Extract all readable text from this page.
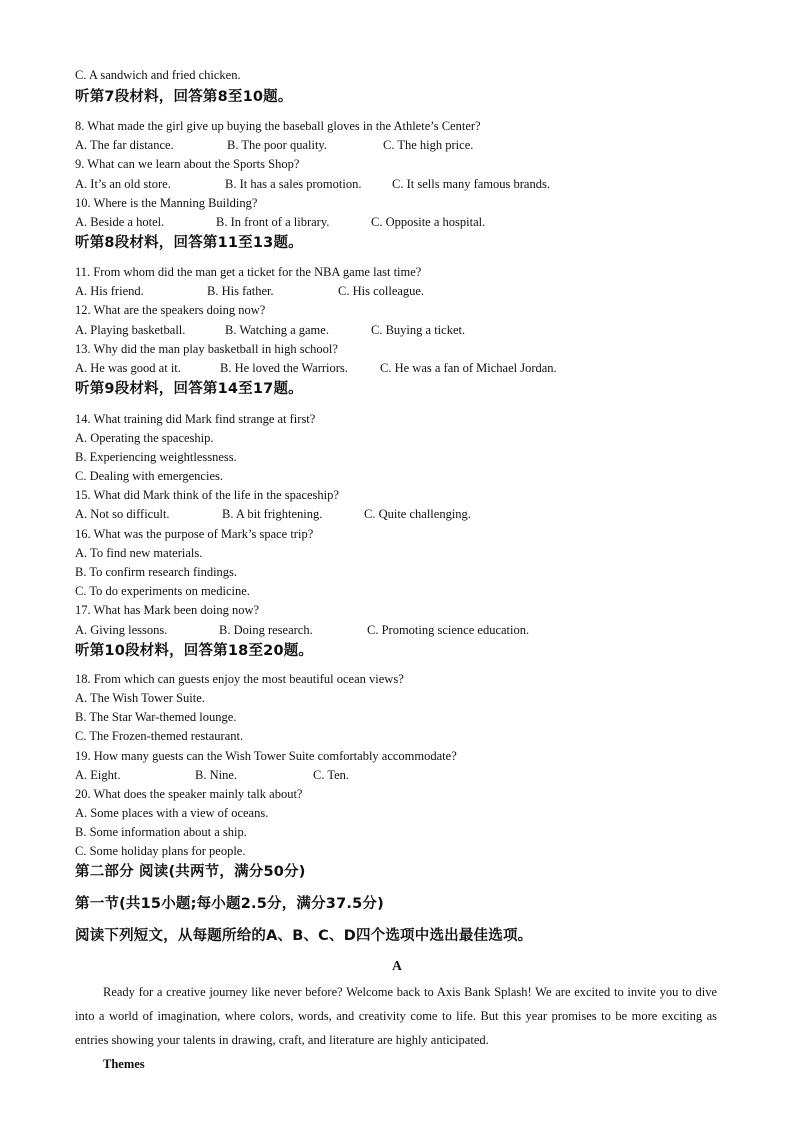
C. A sandwich and fried chicken.
听第7段材料，回答第8至10题。
8. What made the girl give up buying the baseball gloves in the Athlete’s Center?
A. The far distance.	B. The poor quality.	C. The high price.
9. What can we learn about the Sports Shop?
A. It’s an old store.	B. It has a sales promotion. C. It sells many famous brands.
10. Where is the Manning Building?
A. Beside a hotel.	B. In front of a library.	C. Opposite a hospital.
听第8段材料，回答第11至13题。
11. From whom did the man get a ticket for the NBA game last time?
A. His friend.	B. His father.	C. His colleague.
12. What are the speakers doing now?
A. Playing basketball.	B. Watching a game.	C. Buying a ticket.
13. Why did the man play basketball in high school?
A. He was good at it.	B. He loved the Warriors.	C. He was a fan of Michael Jordan.
听第9段材料，回答第14至17题。
14. What training did Mark find strange at first?
A. Operating the spaceship.
B. Experiencing weightlessness.
C. Dealing with emergencies.
15. What did Mark think of the life in the spaceship?
A. Not so difficult.	B. A bit frightening.	C. Quite challenging.
16. What was the purpose of Mark’s space trip?
A. To find new materials.
B. To confirm research findings.
C. To do experiments on medicine.
17. What has Mark been doing now?
A. Giving lessons.	B. Doing research.	C. Promoting science education.
听第10段材料，回答第18至20题。
18. From which can guests enjoy the most beautiful ocean views?
A. The Wish Tower Suite.
B. The Star War-themed lounge.
C. The Frozen-themed restaurant.
19. How many guests can the Wish Tower Suite comfortably accommodate?
A. Eight.	B. Nine.	C. Ten.
20. What does the speaker mainly talk about?
A. Some places with a view of oceans.
B. Some information about a ship.
C. Some holiday plans for people.
第二部分 阅读(共两节，满分50分)
第一节(共15小题;每小题2.5分，满分37.5分)
阅读下列短文，从每题所给的A、B、C、D四个选项中选出最佳选项。
A
Ready for a creative journey like never before? Welcome back to Axis Bank Splash! We are excited to invite you to dive into a world of imagination, where colors, words, and creativity come to life. But this year promises to be more exciting as entries showing your talents in drawing, craft, and literature are highly anticipated.
Themes
